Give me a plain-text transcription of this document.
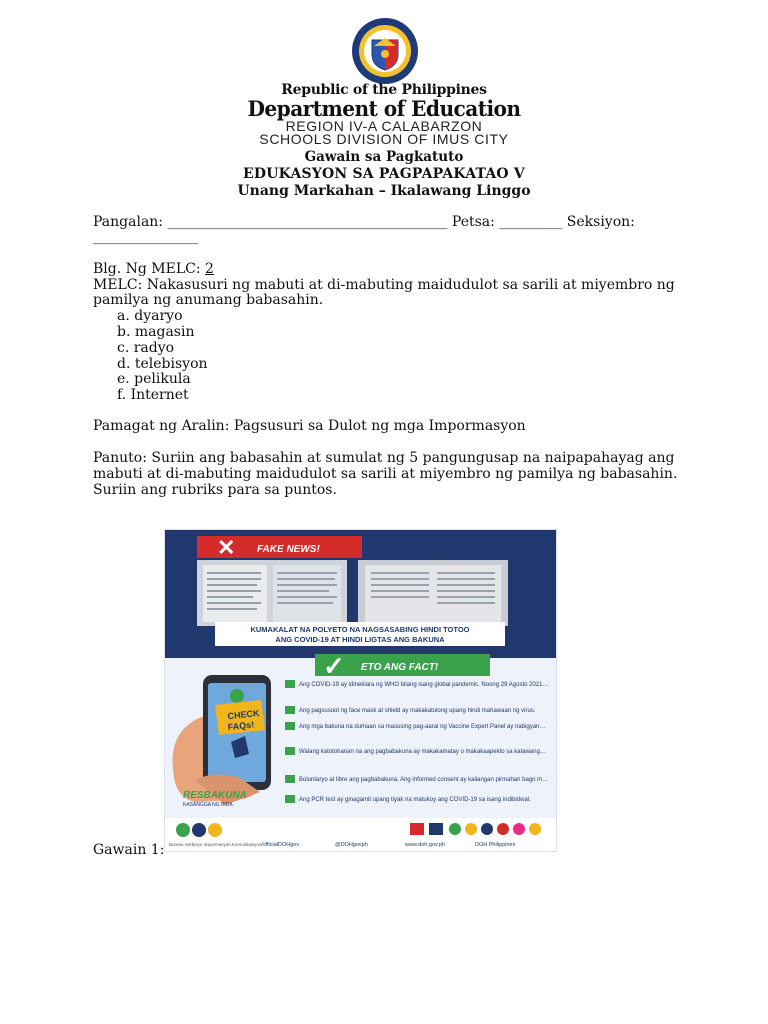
Republic of the Philippines
Department of Education
REGION IV-A CALABARZON
SCHOOLS DIVISION OF IMUS CITY
Gawain sa Pagkatuto
EDUKASYON SA PAGPAPAKATAO V
Unang Markahan – Ikalawang Linggo
Pangalan: ________________________________________ Petsa: _________ Seksiyon:
_______________
Blg. Ng MELC: 2
MELC: Nakasusuri ng mabuti at di-mabuting maidudulot sa sarili at miyembro ng
pamilya ng anumang babasahin.
a. dyaryo
b. magasin
c. radyo
d. telebisyon
e. pelikula
f. Internet
Pamagat ng Aralin: Pagsusuri sa Dulot ng mga Impormasyon
Panuto: Suriin ang babasahin at sumulat ng 5 pangungusap na naipapahayag ang
mabuti at di-mabuting maidudulot sa sarili at miyembro ng pamilya ng babasahin.
Suriin ang rubriks para sa puntos.
✕ FAKE NEWS!
KUMAKALAT NA POLYETO NA NAGSASABING HINDI TOTOO
ANG COVID-19 AT HINDI LIGTAS ANG BAKUNA
✓ ETO ANG FACT!
CHECK
FAQs!
Ang COVID-19 ay idineklara ng WHO bilang isang global pandemic. Noong 29 Agosto 2021…
Ang pagsusuot ng face mask at shield ay makakatulong upang hindi mahawaan ng virus.
Ang mga bakuna na dumaan sa masusing pag-aaral ng Vaccine Expert Panel ay nabigyan…
Walang katotohanan na ang pagbabakuna ay makakamatay o makakaapekto sa katawang…
Boluntaryo at libre ang pagbabakuna. Ang informed consent ay kailangan pirmahan bago m…
Ang PCR test ay ginagamit upang tiyak na matukoy ang COVID-19 sa isang indibidwal.
RESBAKUNA
KASANGGA NG BIDA
Bureau Serbisyo Impormasyon Komunikasyon /officialDOHgov	@DOHgovph	www.doh.gov.ph	DOH Philippines
Gawain 1:
